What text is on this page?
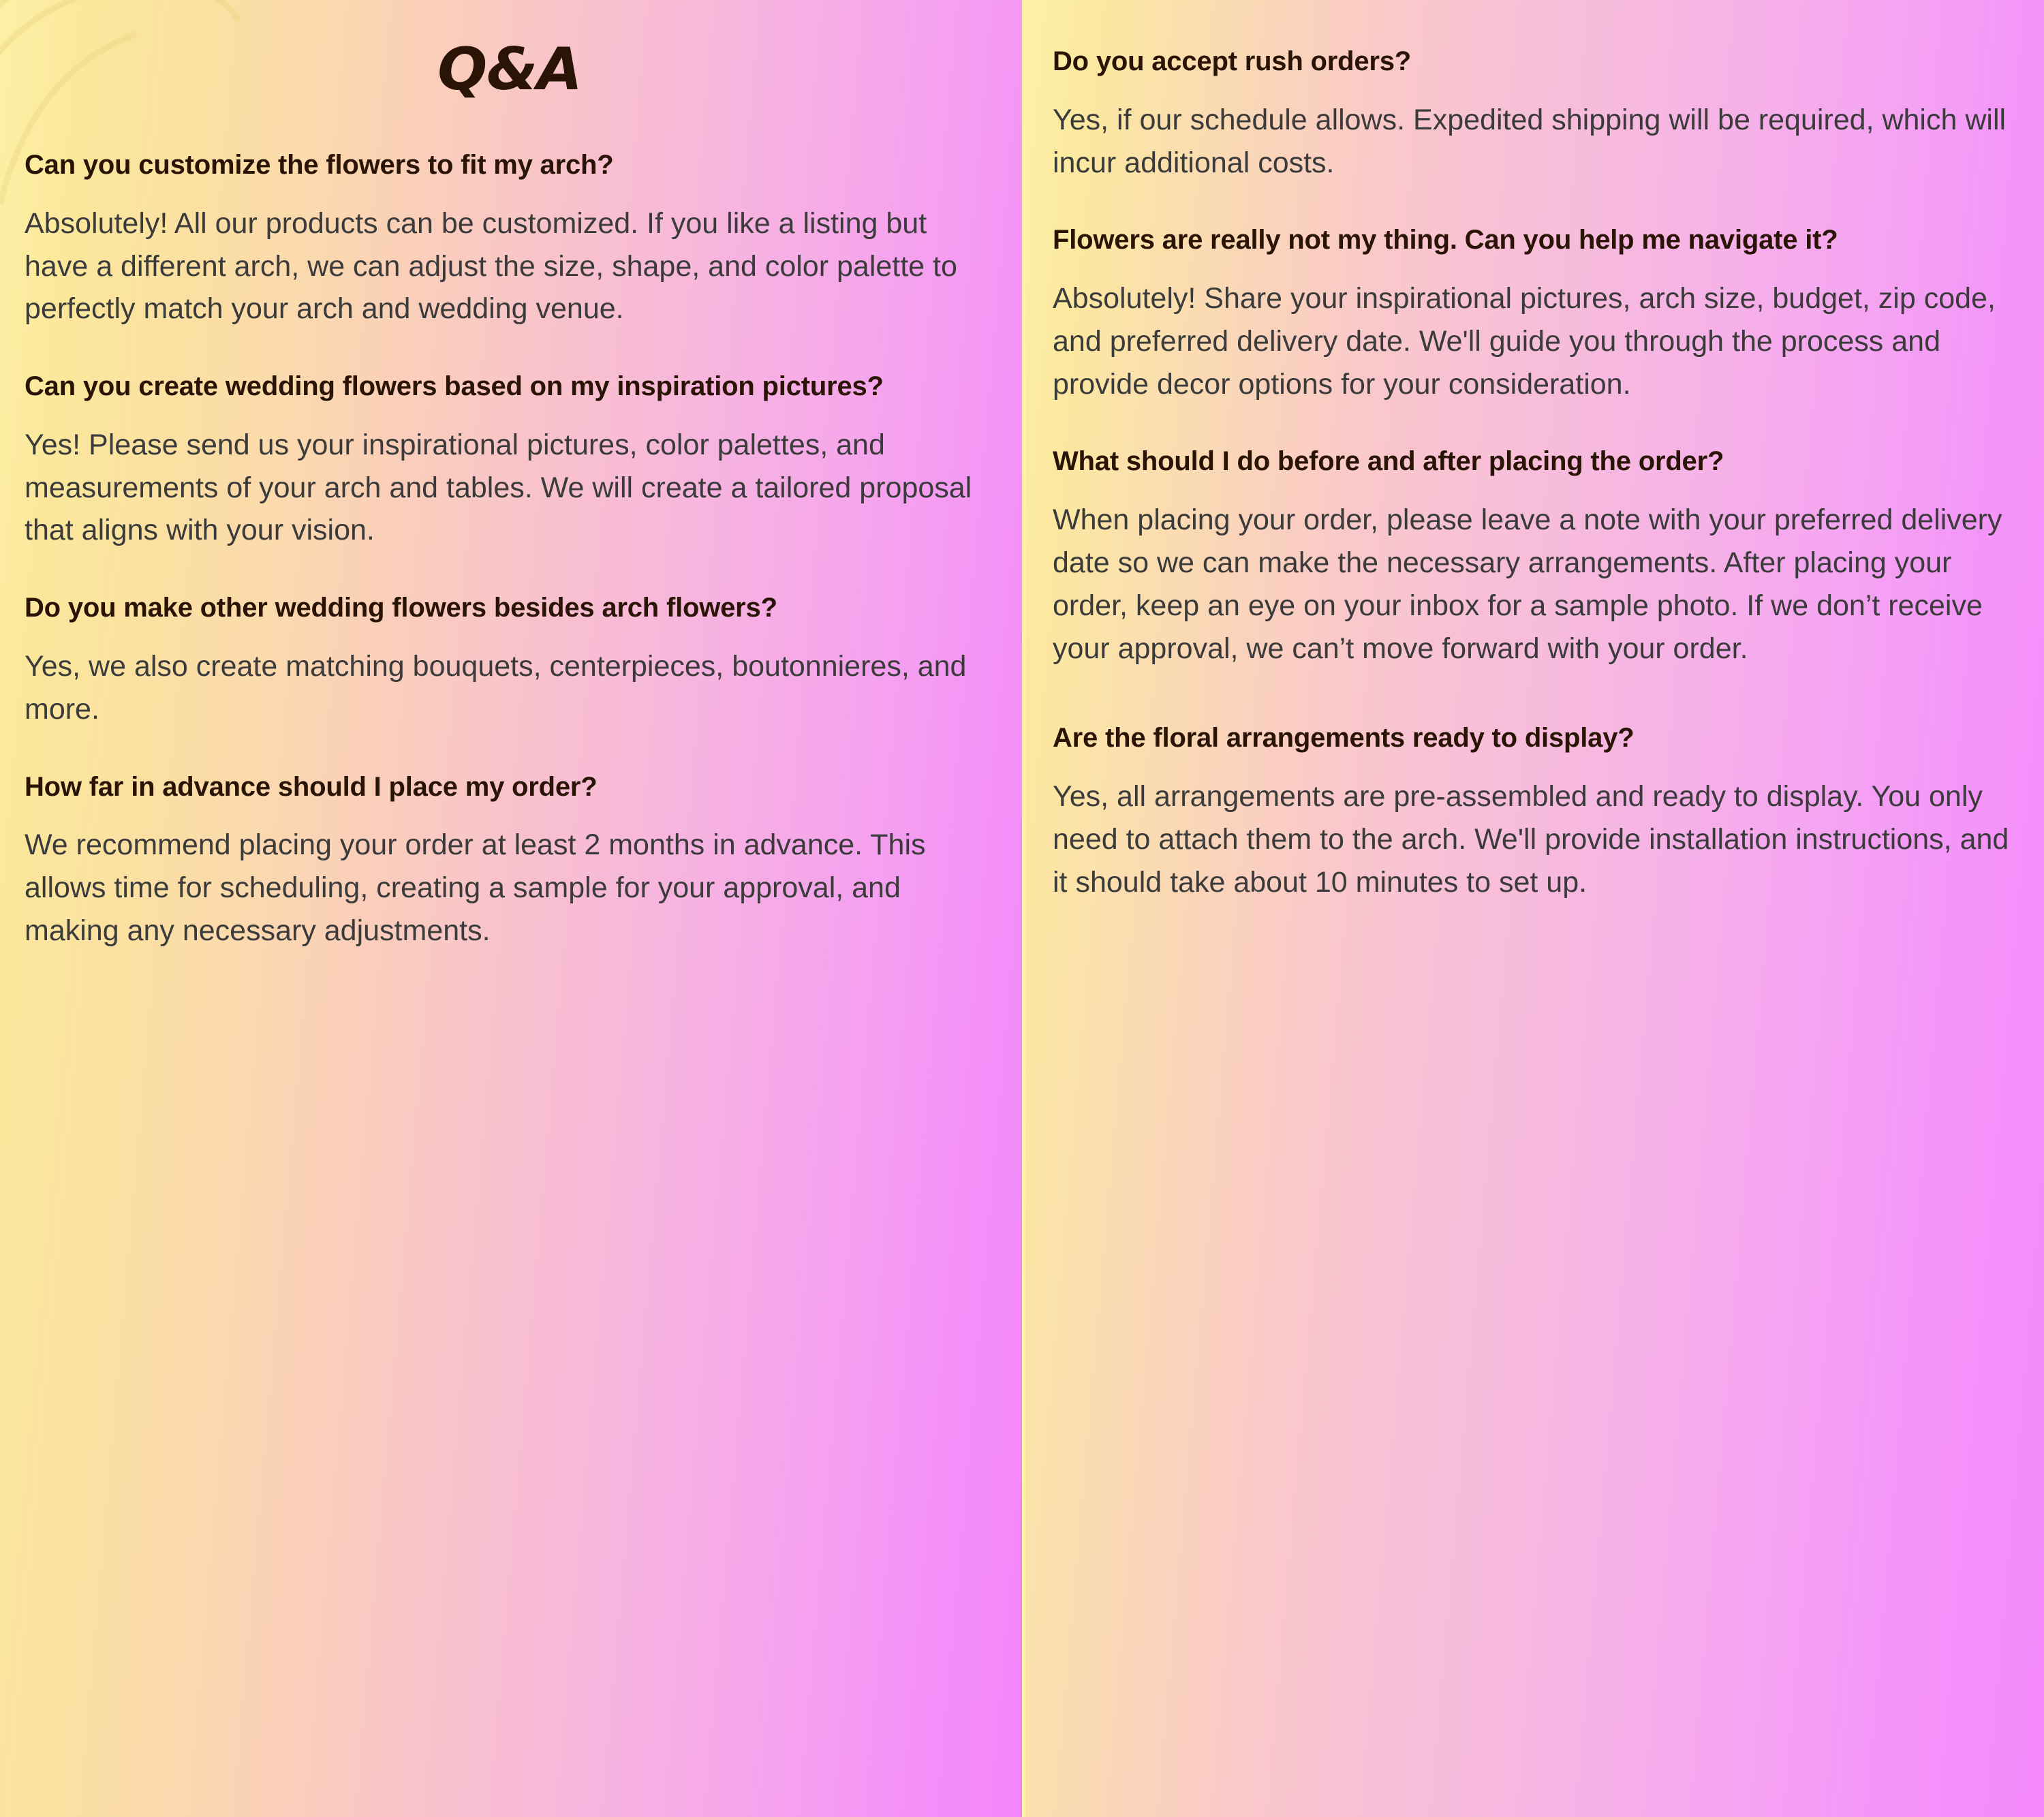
Q&A

Can you customize the flowers to fit my arch?

Absolutely! All our products can be customized. If you like a listing but have a different arch, we can adjust the size, shape, and color palette to perfectly match your arch and wedding venue.

Can you create wedding flowers based on my inspiration pictures?

Yes! Please send us your inspirational pictures, color palettes, and measurements of your arch and tables. We will create a tailored proposal that aligns with your vision.

Do you make other wedding flowers besides arch flowers?

Yes, we also create matching bouquets, centerpieces, boutonnieres, and more.

How far in advance should I place my order?

We recommend placing your order at least 2 months in advance. This allows time for scheduling, creating a sample for your approval, and making any necessary adjustments.

Do you accept rush orders?

Yes, if our schedule allows. Expedited shipping will be required, which will incur additional costs.

Flowers are really not my thing. Can you help me navigate it?

Absolutely! Share your inspirational pictures, arch size, budget, zip code, and preferred delivery date. We'll guide you through the process and provide decor options for your consideration.

What should I do before and after placing the order?

When placing your order, please leave a note with your preferred delivery date so we can make the necessary arrangements. After placing your order, keep an eye on your inbox for a sample photo. If we don’t receive your approval, we can’t move forward with your order.

Are the floral arrangements ready to display?

Yes, all arrangements are pre-assembled and ready to display. You only need to attach them to the arch. We'll provide installation instructions, and it should take about 10 minutes to set up.
